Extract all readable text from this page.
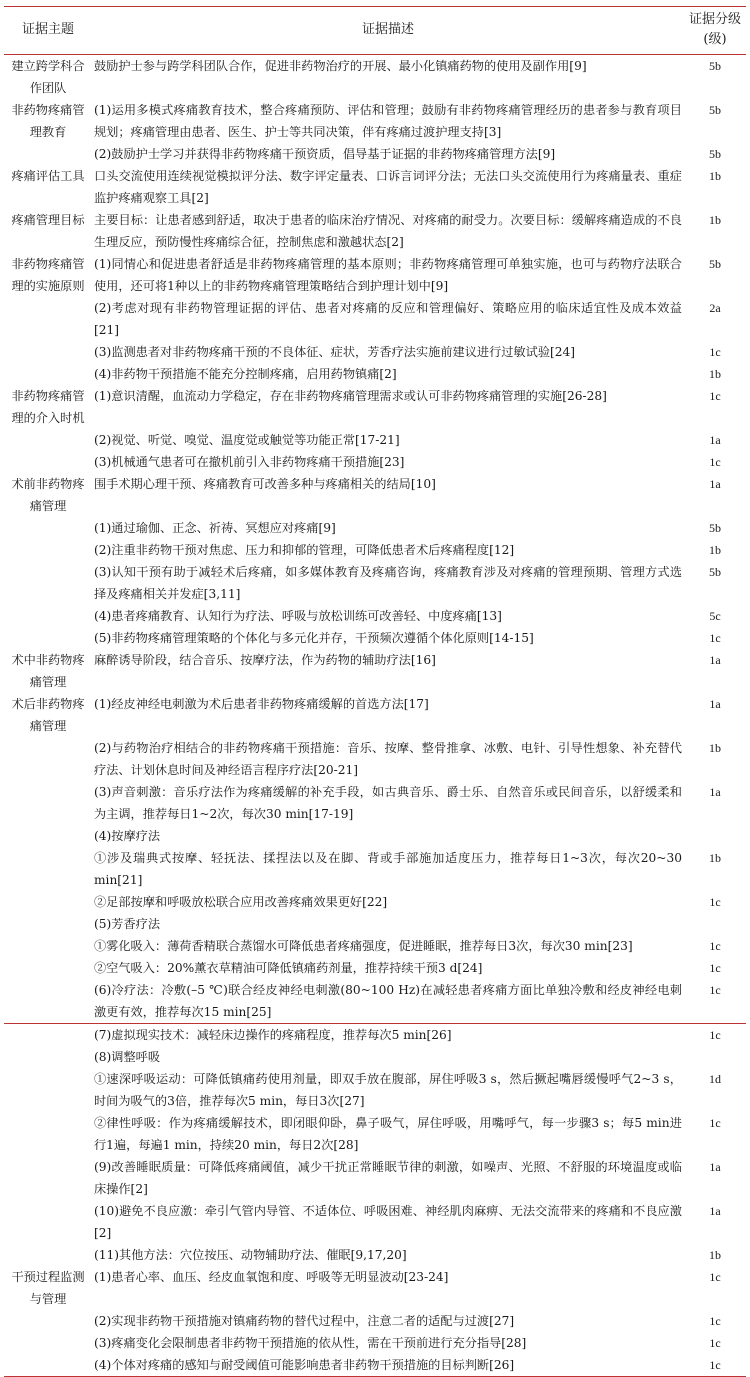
证据主题	证据描述	证据分级(级)
建立跨学科合作团队	鼓励护士参与跨学科团队合作，促进非药物治疗的开展、最小化镇痛药物的使用及副作用[9]	5b
非药物疼痛管理教育	(1)运用多模式疼痛教育技术，整合疼痛预防、评估和管理；鼓励有非药物疼痛管理经历的患者参与教育项目规划；疼痛管理由患者、医生、护士等共同决策，伴有疼痛过渡护理支持[3]	5b
	(2)鼓励护士学习并获得非药物疼痛干预资质，倡导基于证据的非药物疼痛管理方法[9]	5b
疼痛评估工具	口头交流使用连续视觉模拟评分法、数字评定量表、口诉言词评分法；无法口头交流使用行为疼痛量表、重症监护疼痛观察工具[2]	1b
疼痛管理目标	主要目标：让患者感到舒适，取决于患者的临床治疗情况、对疼痛的耐受力。次要目标：缓解疼痛造成的不良生理反应，预防慢性疼痛综合征，控制焦虑和激越状态[2]	1b
非药物疼痛管理的实施原则	(1)同情心和促进患者舒适是非药物疼痛管理的基本原则；非药物疼痛管理可单独实施，也可与药物疗法联合使用，还可将1种以上的非药物疼痛管理策略结合到护理计划中[9]	5b
	(2)考虑对现有非药物管理证据的评估、患者对疼痛的反应和管理偏好、策略应用的临床适宜性及成本效益[21]	2a
	(3)监测患者对非药物疼痛干预的不良体征、症状，芳香疗法实施前建议进行过敏试验[24]	1c
	(4)非药物干预措施不能充分控制疼痛，启用药物镇痛[2]	1b
非药物疼痛管理的介入时机	(1)意识清醒，血流动力学稳定，存在非药物疼痛管理需求或认可非药物疼痛管理的实施[26-28]	1c
	(2)视觉、听觉、嗅觉、温度觉或触觉等功能正常[17-21]	1a
	(3)机械通气患者可在撤机前引入非药物疼痛干预措施[23]	1c
术前非药物疼痛管理	围手术期心理干预、疼痛教育可改善多种与疼痛相关的结局[10]	1a
	(1)通过瑜伽、正念、祈祷、冥想应对疼痛[9]	5b
	(2)注重非药物干预对焦虑、压力和抑郁的管理，可降低患者术后疼痛程度[12]	1b
	(3)认知干预有助于减轻术后疼痛，如多媒体教育及疼痛咨询，疼痛教育涉及对疼痛的管理预期、管理方式选择及疼痛相关并发症[3,11]	5b
	(4)患者疼痛教育、认知行为疗法、呼吸与放松训练可改善轻、中度疼痛[13]	5c
	(5)非药物疼痛管理策略的个体化与多元化并存，干预频次遵循个体化原则[14-15]	1c
术中非药物疼痛管理	麻醉诱导阶段，结合音乐、按摩疗法，作为药物的辅助疗法[16]	1a
术后非药物疼痛管理	(1)经皮神经电刺激为术后患者非药物疼痛缓解的首选方法[17]	1a
	(2)与药物治疗相结合的非药物疼痛干预措施：音乐、按摩、整骨推拿、冰敷、电针、引导性想象、补充替代疗法、计划休息时间及神经语言程序疗法[20-21]	1b
	(3)声音刺激：音乐疗法作为疼痛缓解的补充手段，如古典音乐、爵士乐、自然音乐或民间音乐，以舒缓柔和为主调，推荐每日1~2次，每次30 min[17-19]	1a
	(4)按摩疗法	
	①涉及瑞典式按摩、轻抚法、揉捏法以及在脚、背或手部施加适度压力，推荐每日1~3次，每次20~30 min[21]	1b
	②足部按摩和呼吸放松联合应用改善疼痛效果更好[22]	1c
	(5)芳香疗法	
	①雾化吸入：薄荷香精联合蒸馏水可降低患者疼痛强度，促进睡眠，推荐每日3次，每次30 min[23]	1c
	②空气吸入：20%薰衣草精油可降低镇痛药剂量，推荐持续干预3 d[24]	1c
	(6)冷疗法：冷敷(–5 ℃)联合经皮神经电刺激(80~100 Hz)在减轻患者疼痛方面比单独冷敷和经皮神经电刺激更有效，推荐每次15 min[25]	1c
	(7)虚拟现实技术：减轻床边操作的疼痛程度，推荐每次5 min[26]	1c
	(8)调整呼吸	
	①速深呼吸运动：可降低镇痛药使用剂量，即双手放在腹部，屏住呼吸3 s，然后撅起嘴唇缓慢呼气2~3 s，时间为吸气的3倍，推荐每次5 min，每日3次[27]	1d
	②律性呼吸：作为疼痛缓解技术，即闭眼仰卧，鼻子吸气，屏住呼吸，用嘴呼气，每一步骤3 s；每5 min进行1遍，每遍1 min，持续20 min，每日2次[28]	1c
	(9)改善睡眠质量：可降低疼痛阈值，减少干扰正常睡眠节律的刺激，如噪声、光照、不舒服的环境温度或临床操作[2]	1a
	(10)避免不良应激：牵引气管内导管、不适体位、呼吸困难、神经肌肉麻痹、无法交流带来的疼痛和不良应激[2]	1a
	(11)其他方法：穴位按压、动物辅助疗法、催眠[9,17,20]	1b
干预过程监测与管理	(1)患者心率、血压、经皮血氧饱和度、呼吸等无明显波动[23-24]	1c
	(2)实现非药物干预措施对镇痛药物的替代过程中，注意二者的适配与过渡[27]	1c
	(3)疼痛变化会限制患者非药物干预措施的依从性，需在干预前进行充分指导[28]	1c
	(4)个体对疼痛的感知与耐受阈值可能影响患者非药物干预措施的目标判断[26]	1c
